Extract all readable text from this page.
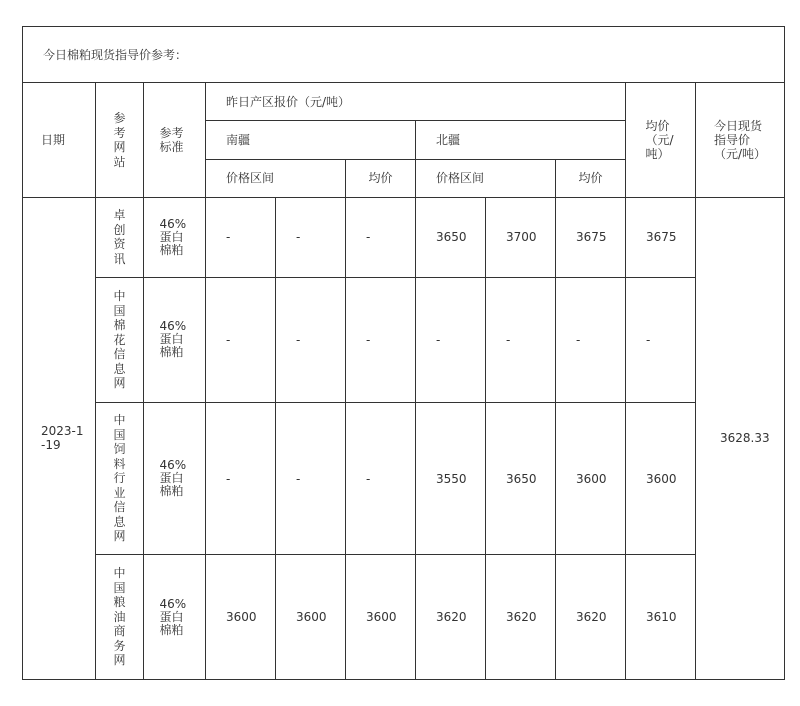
今日棉粕现货指导价参考：										
日期	参考网站	参考标准	昨日产区报价（元/吨）						均价（元/吨）	今日现货指导价（元/吨）
			南疆			北疆				
			价格区间		均价	价格区间		均价		
2023-1-19	卓创资讯	46%蛋白棉粕	-	-	-	3650	3700	3675	3675	3628.33
	中国棉花信息网	46%蛋白棉粕	-	-	-	-	-	-	-	
	中国饲料行业信息网	46%蛋白棉粕	-	-	-	3550	3650	3600	3600	
	中国粮油商务网	46%蛋白棉粕	3600	3600	3600	3620	3620	3620	3610	
